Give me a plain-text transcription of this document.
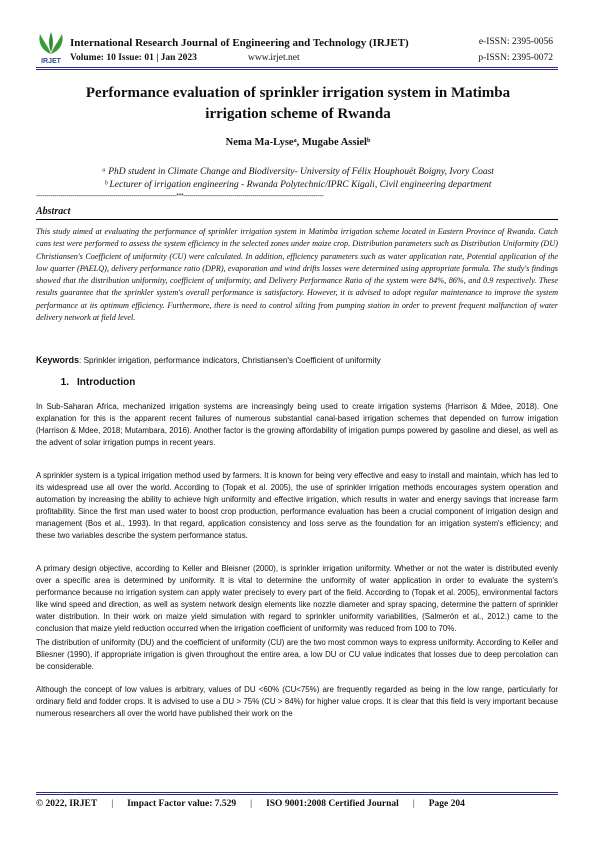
IRJET
International Research Journal of Engineering and Technology (IRJET)	e-ISSN: 2395-0056
Volume: 10 Issue: 01 | Jan 2023	www.irjet.net	p-ISSN: 2395-0072
Performance evaluation of sprinkler irrigation system in Matimba irrigation scheme of Rwanda
Nema Ma-Lyseᵃ, Mugabe Assielᵇ
ᵃ PhD student in Climate Change and Biodiversity- University of Félix Houphouët Boigny, Ivory Coast
ᵇ Lecturer of irrigation engineering - Rwanda Polytechnic/IPRC Kigali, Civil engineering department
---------------------------------------------------------------------***---------------------------------------------------------------------
Abstract
This study aimed at evaluating the performance of sprinkler irrigation system in Matimba irrigation scheme located in Eastern Province of Rwanda. Catch cans test were performed to assess the system efficiency in the selected zones under maize crop. Distribution parameters such as Distribution Uniformity (DU) Christiansen's Coefficient of uniformity (CU) were calculated. In addition, efficiency parameters such as water application rate, Potential application of the low quarter (PAELQ), delivery performance ratio (DPR), evaporation and wind drifts losses were determined using appropriate formula. The study's findings showed that the distribution uniformity, coefficient of uniformity, and Delivery Performance Ratio of the system were 84%, 86%, and 0.9 respectively. These results guarantee that the sprinkler system's overall performance is satisfactory. However, it is advised to adopt regular maintenance to improve the system performance at its optimum efficiency. Furthermore, there is need to control silting from pumping station in order to prevent frequent malfunction of water delivery network at field level.
Keywords: Sprinkler irrigation, performance indicators, Christiansen's Coefficient of uniformity
1. Introduction
In Sub-Saharan Africa, mechanized irrigation systems are increasingly being used to create irrigation systems (Harrison & Mdee, 2018). One explanation for this is the apparent recent failures of numerous substantial canal-based irrigation schemes that depended on furrow irrigation (Harrison & Mdee, 2018; Mutambara, 2016). Another factor is the growing affordability of irrigation pumps powered by gasoline and diesel, as well as the advent of solar irrigation pumps in recent years.
A sprinkler system is a typical irrigation method used by farmers. It is known for being very effective and easy to install and maintain, which has led to its widespread use all over the world. According to (Topak et al. 2005), the use of sprinkler irrigation methods encourages system operation and automation by increasing the ability to achieve high uniformity and effective irrigation, which results in water and energy savings that increase farm profitability. Since the first man used water to boost crop production, performance evaluation has been a crucial component of irrigation design and management (Bos et al., 1993). In that regard, application consistency and loss serve as the foundation for an irrigation system's efficiency; and these two variables describe the system performance status.
A primary design objective, according to Keller and Bleisner (2000), is sprinkler irrigation uniformity. Whether or not the water is distributed evenly over a specific area is determined by uniformity. It is vital to determine the uniformity of water application in order to evaluate the system's performance because no irrigation system can apply water precisely to every part of the field. According to (Topak et al. 2005), environmental factors like wind speed and direction, as well as system network design elements like nozzle diameter and spray spacing, determine the pattern of sprinkler water distribution. In their work on maize yield simulation with regard to sprinkler uniformity variabilities, (Salmerón et al., 2012.) came to the conclusion that maize yield reduction occurred when the irrigation coefficient of uniformity was reduced from 100 to 70%.
The distribution of uniformity (DU) and the coefficient of uniformity (CU) are the two most common ways to express uniformity. According to Keller and Bliesner (1990), if appropriate irrigation is given throughout the entire area, a low DU or CU value indicates that losses due to deep percolation can be considerable.
Although the concept of low values is arbitrary, values of DU <60% (CU<75%) are frequently regarded as being in the low range, particularly for ordinary field and fodder crops. It is advised to use a DU > 75% (CU > 84%) for higher value crops. It is clear that this field is very important because numerous researchers all over the world have published their work on the
© 2022, IRJET | Impact Factor value: 7.529 | ISO 9001:2008 Certified Journal | Page 204
